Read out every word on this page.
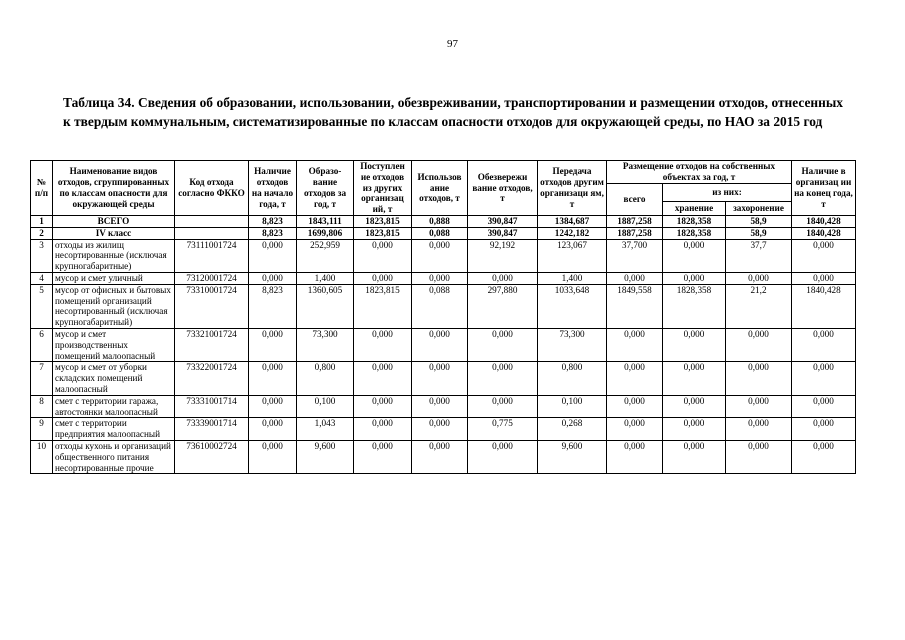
97
Таблица 34. Сведения об образовании, использовании, обезвреживании, транспортировании и размещении отходов, отнесенных к твердым коммунальным, систематизированные по классам опасности отходов для окружающей среды, по НАО за 2015 год
№ п/п	Наименование видов отходов, сгруппированных по классам опасности для окружающей среды	Код отхода согласно ФККО	Наличие отходов на начало года, т	Образо-вание отходов за год, т	Поступлен ие отходов из других организац ий, т	Использов ание отходов, т	Обезвережи вание отходов, т	Передача отходов другим организаци ям, т	Размещение отходов на собственных объектах за год, т			Наличие в организац ии на конец года, т
									всего	из них:		
										хранение	захоронение	
1	ВСЕГО		8,823	1843,111	1823,815	0,888	390,847	1384,687	1887,258	1828,358	58,9	1840,428
2	IV класс		8,823	1699,806	1823,815	0,088	390,847	1242,182	1887,258	1828,358	58,9	1840,428
3	отходы из жилищ несортированные (исключая крупногабаритные)	73111001724	0,000	252,959	0,000	0,000	92,192	123,067	37,700	0,000	37,7	0,000
4	мусор и смет уличный	73120001724	0,000	1,400	0,000	0,000	0,000	1,400	0,000	0,000	0,000	0,000
5	мусор от офисных и бытовых помещений организаций несортированный (исключая крупногабаритный)	73310001724	8,823	1360,605	1823,815	0,088	297,880	1033,648	1849,558	1828,358	21,2	1840,428
6	мусор и смет производственных помещений малоопасный	73321001724	0,000	73,300	0,000	0,000	0,000	73,300	0,000	0,000	0,000	0,000
7	мусор и смет от уборки складских помещений малоопасный	73322001724	0,000	0,800	0,000	0,000	0,000	0,800	0,000	0,000	0,000	0,000
8	смет с территории гаража, автостоянки малоопасный	73331001714	0,000	0,100	0,000	0,000	0,000	0,100	0,000	0,000	0,000	0,000
9	смет с территории предприятия малоопасный	73339001714	0,000	1,043	0,000	0,000	0,775	0,268	0,000	0,000	0,000	0,000
10	отходы кухонь и организаций общественного питания несортированные прочие	73610002724	0,000	9,600	0,000	0,000	0,000	9,600	0,000	0,000	0,000	0,000
